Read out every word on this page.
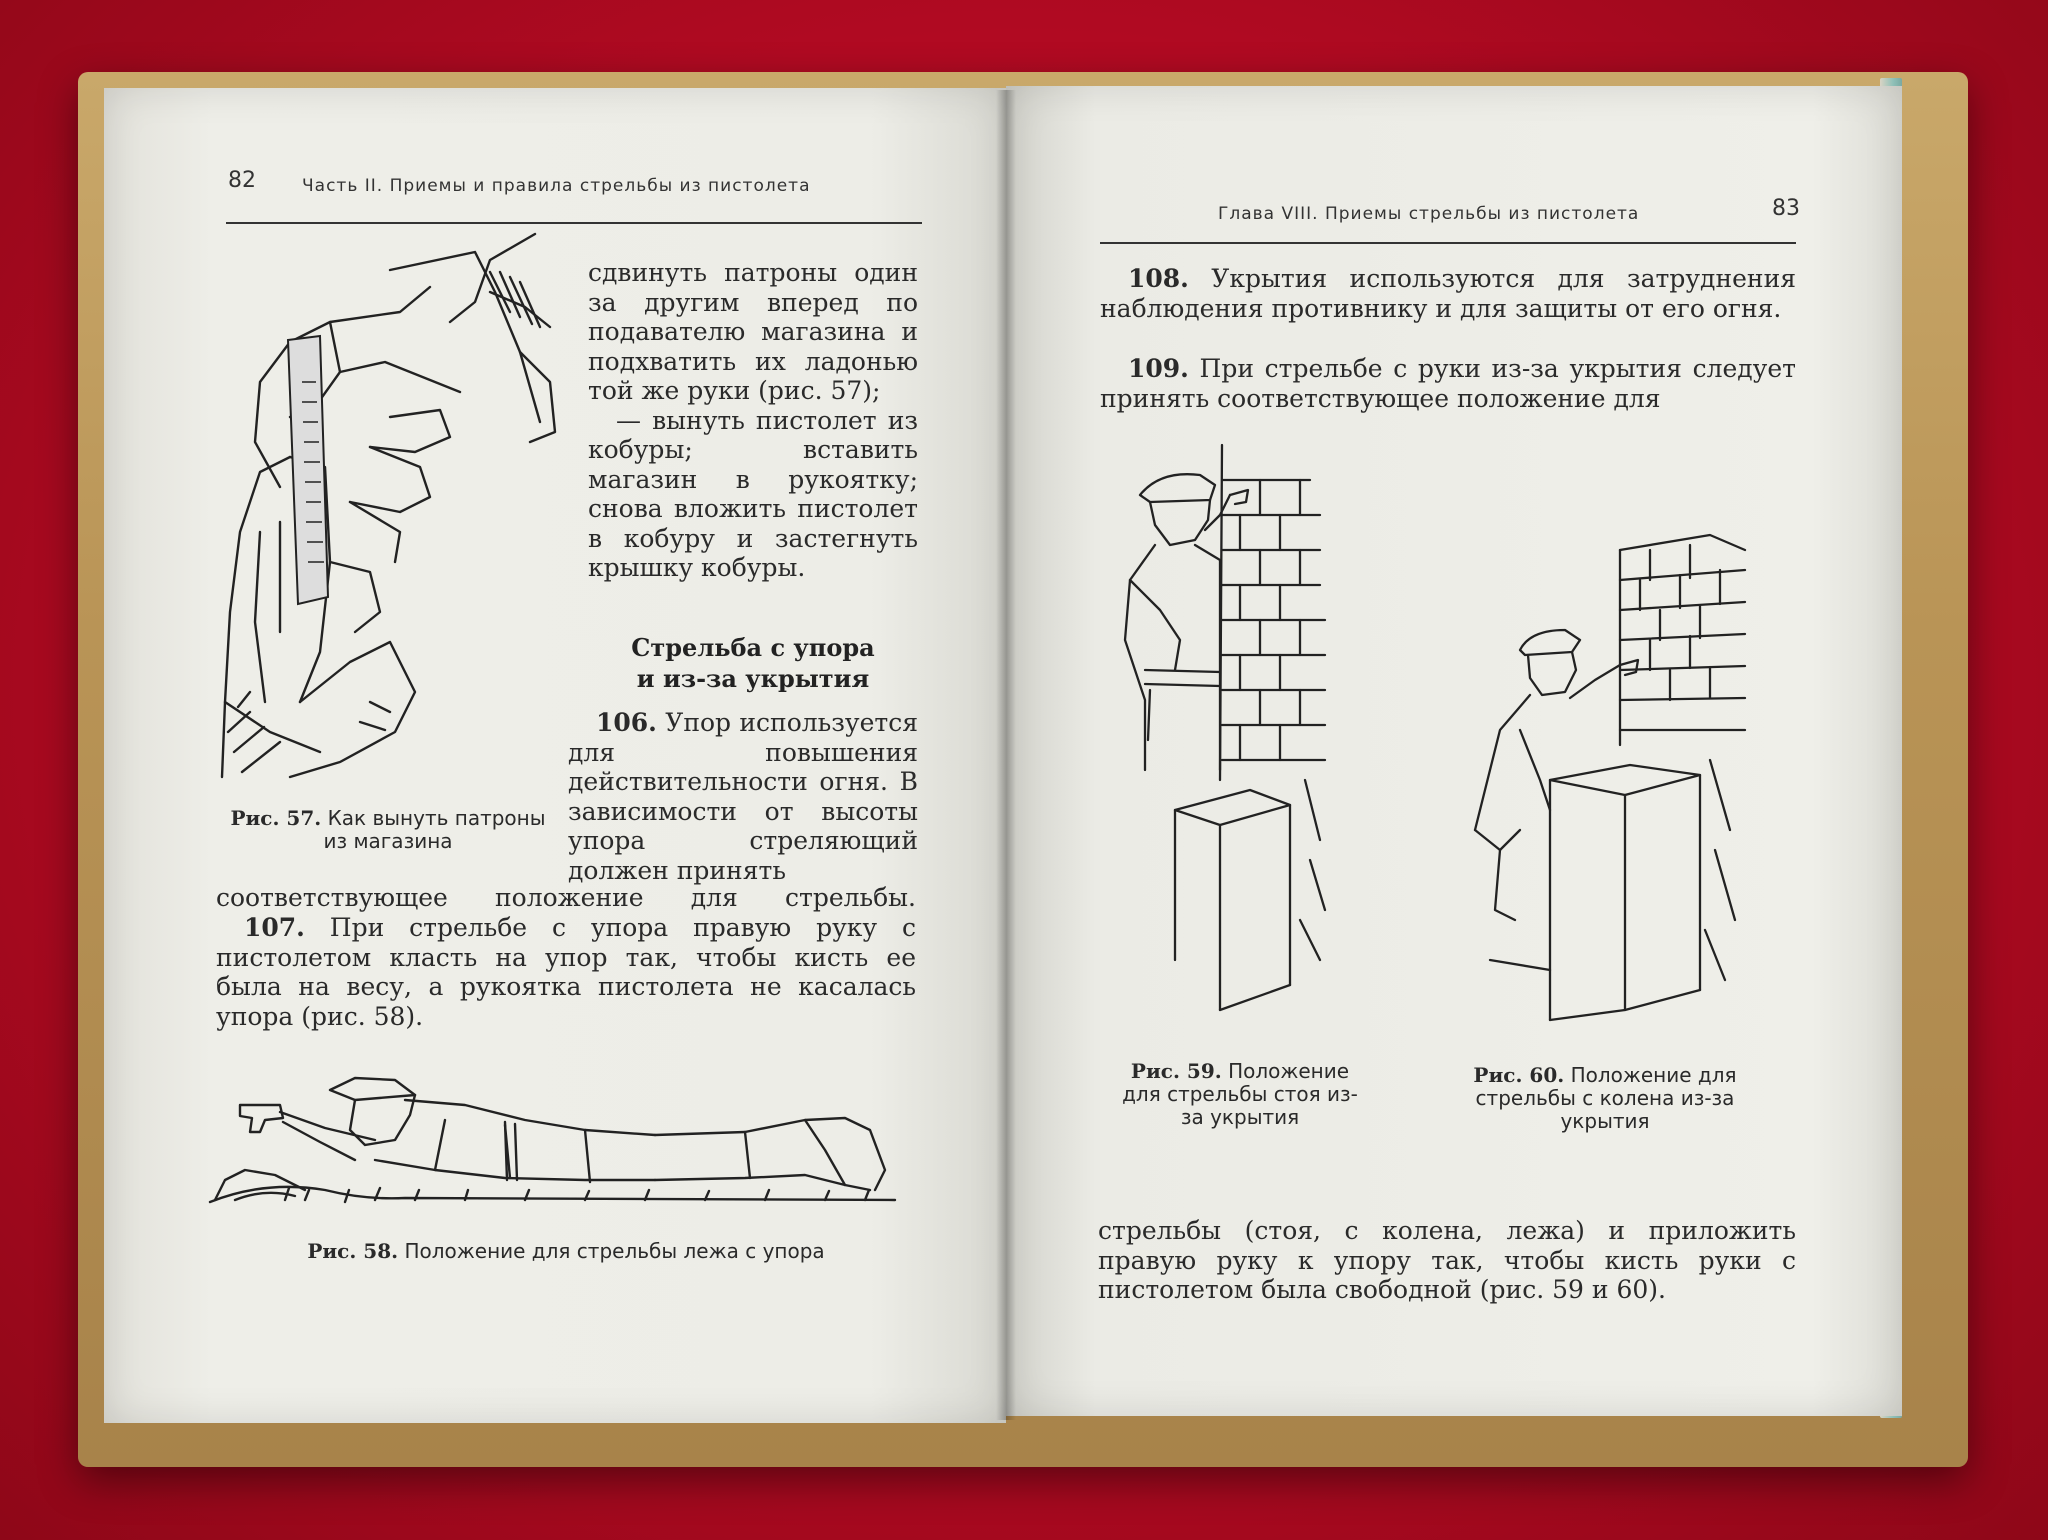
82	Часть II. Приемы и правила стрельбы из пистолета
Рис. 57. Как вынуть патроны из магазина

сдвинуть патроны один за другим вперед по подавателю магазина и подхватить их ладонью той же руки (рис. 57);

— вынуть пистолет из кобуры; вставить магазин в рукоятку; снова вложить пистолет в кобуру и застегнуть крышку кобуры.

Стрельба с упора
и из-за укрытия
106. Упор используется для повышения действительности огня. В зависимости от высоты упора стреляющий должен принять
соответствующее положение для стрельбы.
107. При стрельбе с упора правую руку с пистолетом класть на упор так, чтобы кисть ее была на весу, а рукоятка пистолета не касалась упора (рис. 58).
Рис. 58. Положение для стрельбы лежа с упора
Глава VIII. Приемы стрельбы из пистолета	83
108. Укрытия используются для затруднения наблюдения противнику и для защиты от его огня.
109. При стрельбе с руки из-за укрытия следует принять соответствующее положение для
Рис. 59. Положение для стрельбы стоя из-за укрытия
Рис. 60. Положение для стрельбы с колена из-за укрытия
стрельбы (стоя, с колена, лежа) и приложить правую руку к упору так, чтобы кисть руки с пистолетом была свободной (рис. 59 и 60).
